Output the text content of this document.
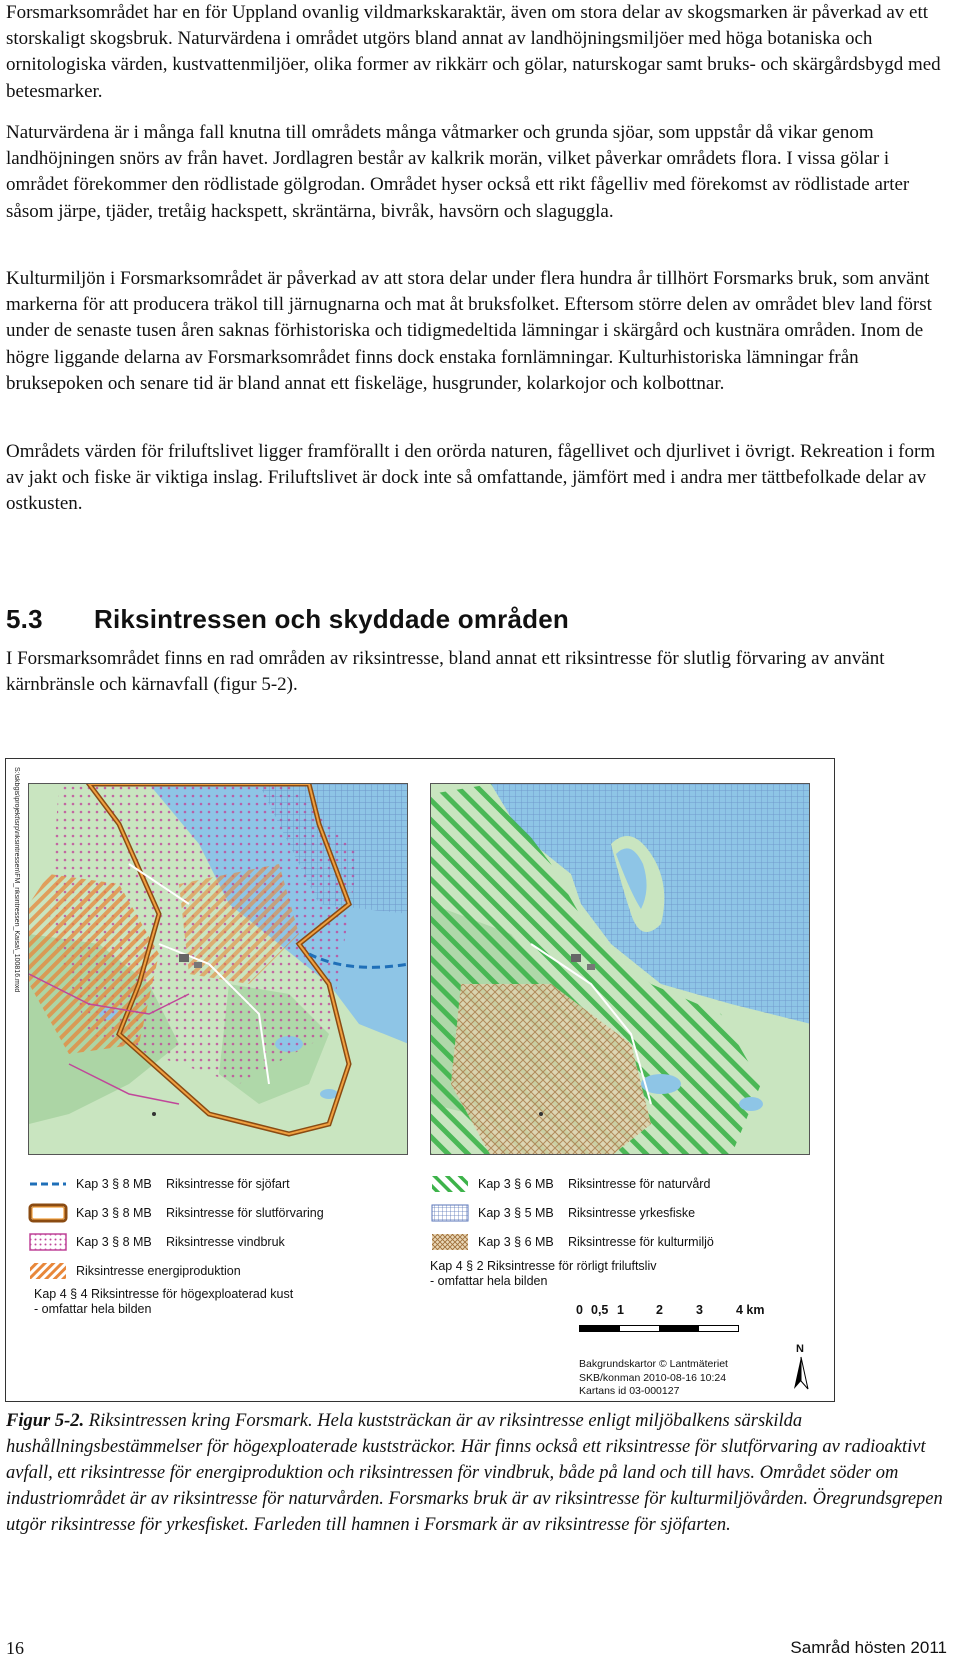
Forsmarksområdet har en för Uppland ovanlig vildmarkskaraktär, även om stora delar av skogsmarken är påverkad av ett storskaligt skogsbruk. Naturvärdena i området utgörs bland annat av landhöjningsmiljöer med höga botaniska och ornitologiska värden, kustvattenmiljöer, olika former av rikkärr och gölar, naturskogar samt bruks- och skärgårdsbygd med betesmarker.

Naturvärdena är i många fall knutna till områdets många våtmarker och grunda sjöar, som uppstår då vikar genom landhöjningen snörs av från havet. Jordlagren består av kalkrik morän, vilket påverkar områdets flora. I vissa gölar i området förekommer den rödlistade gölgrodan. Området hyser också ett rikt fågelliv med förekomst av rödlistade arter såsom järpe, tjäder, tretåig hackspett, skräntärna, bivråk, havsörn och slaguggla.

Kulturmiljön i Forsmarksområdet är påverkad av att stora delar under flera hundra år tillhört Forsmarks bruk, som använt markerna för att producera träkol till järnugnarna och mat åt bruksfolket. Eftersom större delen av området blev land först under de senaste tusen åren saknas förhistoriska och tidigmedeltida lämningar i skärgård och kustnära områden. Inom de högre liggande delarna av Forsmarksområdet finns dock enstaka fornlämningar. Kulturhistoriska lämningar från bruksepoken och senare tid är bland annat ett fiskeläge, husgrunder, kolarkojor och kolbottnar.

Områdets värden för friluftslivet ligger framförallt i den orörda naturen, fågellivet och djurlivet i övrigt. Rekreation i form av jakt och fiske är viktiga inslag. Friluftslivet är dock inte så omfattande, jämfört med i andra mer tättbefolkade delar av ostkusten.

5.3 Riksintressen och skyddade områden

I Forsmarksområdet finns en rad områden av riksintresse, bland annat ett riksintresse för slutlig förvaring av använt kärnbränsle och kärnavfall (figur 5-2).

S:\skbgis\projekt\srp\riksintressen\FM_riksintressen_Kaisa\_100816.mxd
Kap 3 § 8 MB	Riksintresse för sjöfart
Kap 3 § 8 MB	Riksintresse för slutförvaring
Kap 3 § 8 MB	Riksintresse vindbruk
Riksintresse energiproduktion
Kap 4 § 4 Riksintresse för högexploaterad kust
- omfattar hela bilden
Kap 3 § 6 MB	Riksintresse för naturvård
Kap 3 § 5 MB	Riksintresse yrkesfiske
Kap 3 § 6 MB	Riksintresse för kulturmiljö
Kap 4 § 2 Riksintresse för rörligt friluftsliv
- omfattar hela bilden
0 0,5 1	2	3	4 km
Bakgrundskartor © Lantmäteriet
SKB/konman 2010-08-16 10:24
Kartans id 03-000127
N

Figur 5-2. Riksintressen kring Forsmark. Hela kuststräckan är av riksintresse enligt miljöbalkens särskilda hushållningsbestämmelser för högexploaterade kuststräckor. Här finns också ett riksintresse för slutförvaring av radioaktivt avfall, ett riksintresse för energiproduktion och riksintressen för vindbruk, både på land och till havs. Området söder om industriområdet är av riksintresse för naturvården. Forsmarks bruk är av riksintresse för kulturmiljövården. Öregrundsgrepen utgör riksintresse för yrkesfisket. Farleden till hamnen i Forsmark är av riksintresse för sjöfarten.

16	Samråd hösten 2011
